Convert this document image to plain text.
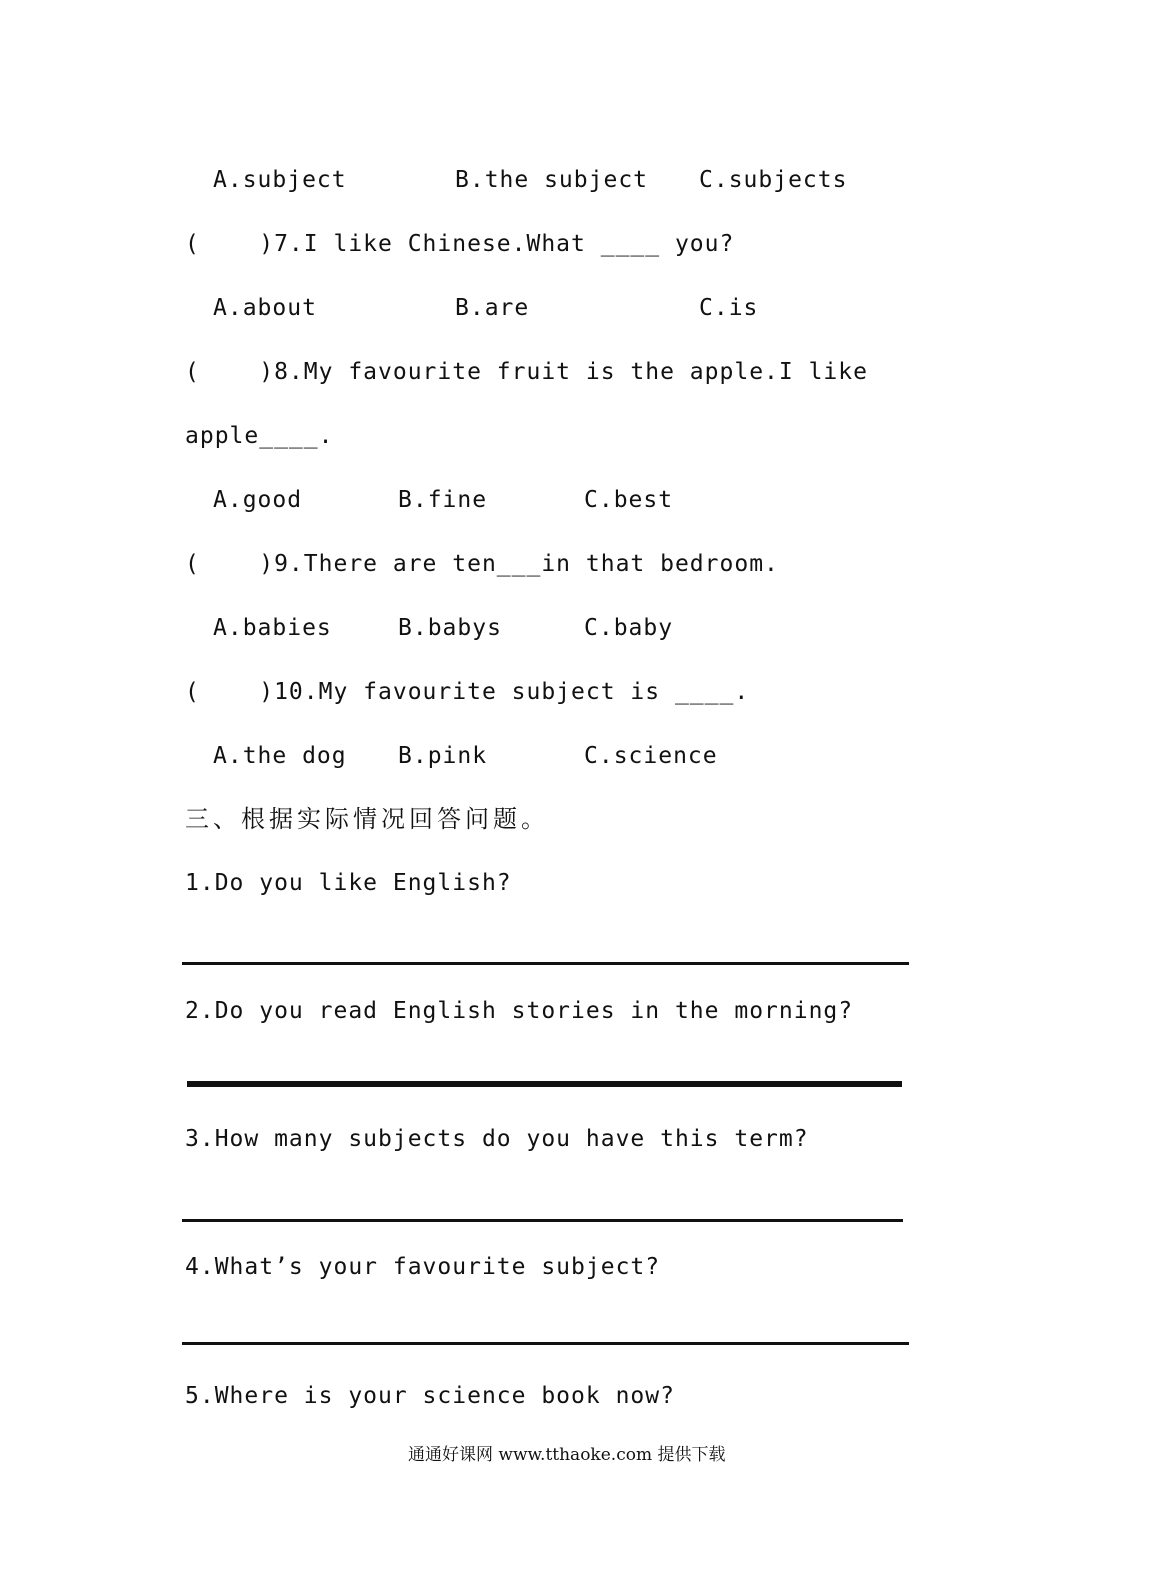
A.subject	B.the subject C.subjects
(    )7.I like Chinese.What ____ you?
A.about	B.are	C.is
(    )8.My favourite fruit is the apple.I like
apple____.
A.good	B.fine	C.best
(    )9.There are ten___in that bedroom.
A.babies	B.babys	C.baby
(    )10.My favourite subject is ____.
A.the dog B.pink	C.science
三、根据实际情况回答问题。
1.Do you like English?
2.Do you read English stories in the morning?
3.How many subjects do you have this term?
4.What’s your favourite subject?
5.Where is your science book now?
通通好课网 www.tthaoke.com 提供下载
